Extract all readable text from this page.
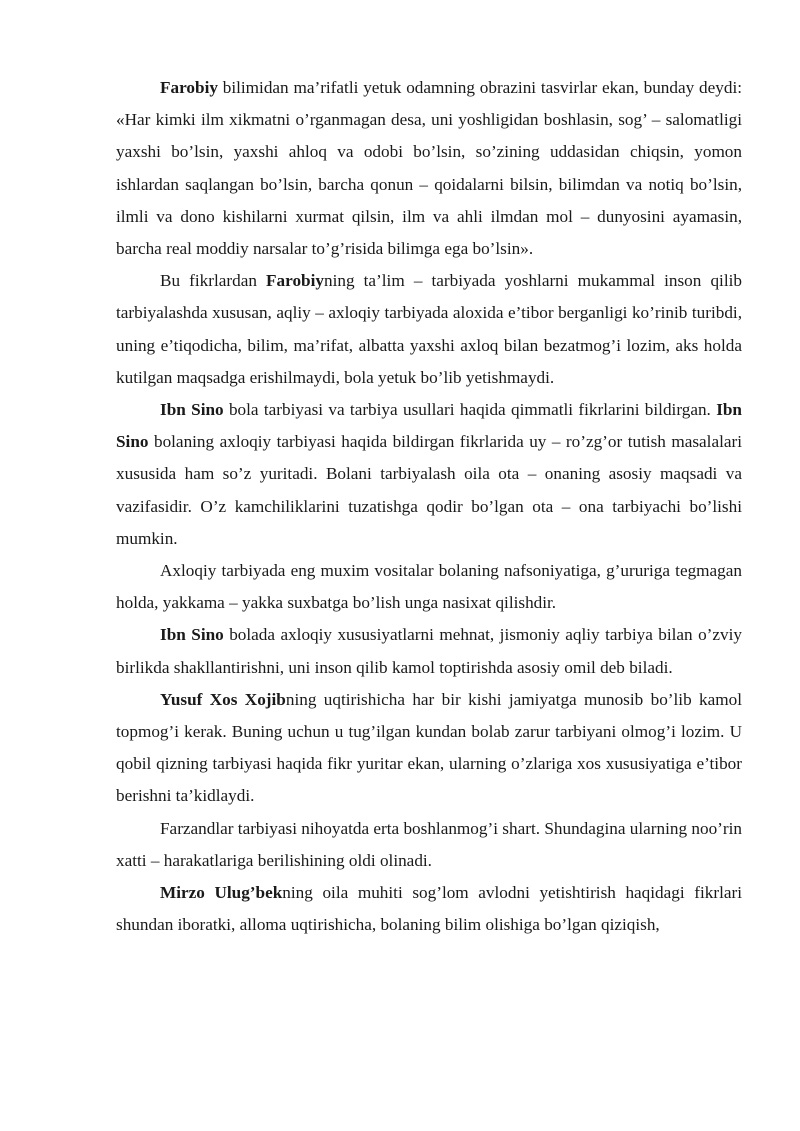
Farobiy bilimidan ma’rifatli yetuk odamning obrazini tasvirlar ekan, bunday deydi: «Har kimki ilm xikmatni o’rganmagan desa, uni yoshligidan boshlasin, sog’ – salomatligi yaxshi bo’lsin, yaxshi ahloq va odobi bo’lsin, so’zining uddasidan chiqsin, yomon ishlardan saqlangan bo’lsin, barcha qonun – qoidalarni bilsin, bilimdan va notiq bo’lsin, ilmli va dono kishilarni xurmat qilsin, ilm va ahli ilmdan mol – dunyosini ayamasin, barcha real moddiy narsalar to’g’risida bilimga ega bo’lsin».

Bu fikrlardan Farobiyning ta’lim – tarbiyada yoshlarni mukammal inson qilib tarbiyalashda xususan, aqliy – axloqiy tarbiyada aloxida e’tibor berganligi ko’rinib turibdi, uning e’tiqodicha, bilim, ma’rifat, albatta yaxshi axloq bilan bezatmog’i lozim, aks holda kutilgan maqsadga erishilmaydi, bola yetuk bo’lib yetishmaydi.

Ibn Sino bola tarbiyasi va tarbiya usullari haqida qimmatli fikrlarini bildirgan. Ibn Sino bolaning axloqiy tarbiyasi haqida bildirgan fikrlarida uy – ro’zg’or tutish masalalari xususida ham so’z yuritadi. Bolani tarbiyalash oila ota – onaning asosiy maqsadi va vazifasidir. O’z kamchiliklarini tuzatishga qodir bo’lgan ota – ona tarbiyachi bo’lishi mumkin.

Axloqiy tarbiyada eng muxim vositalar bolaning nafsoniyatiga, g’ururiga tegmagan holda, yakkama – yakka suxbatga bo’lish unga nasixat qilishdir.

Ibn Sino bolada axloqiy xususiyatlarni mehnat, jismoniy aqliy tarbiya bilan o’zviy birlikda shakllantirishni, uni inson qilib kamol toptirishda asosiy omil deb biladi.

Yusuf Xos Xojibning uqtirishicha har bir kishi jamiyatga munosib bo’lib kamol topmog’i kerak. Buning uchun u tug’ilgan kundan bolab zarur tarbiyani olmog’i lozim. U qobil qizning tarbiyasi haqida fikr yuritar ekan, ularning o’zlariga xos xususiyatiga e’tibor berishni ta’kidlaydi.

Farzandlar tarbiyasi nihoyatda erta boshlanmog’i shart. Shundagina ularning noo’rin xatti – harakatlariga berilishining oldi olinadi.

Mirzo Ulug’bekning oila muhiti sog’lom avlodni yetishtirish haqidagi fikrlari shundan iboratki, alloma uqtirishicha, bolaning bilim olishiga bo’lgan qiziqish,
